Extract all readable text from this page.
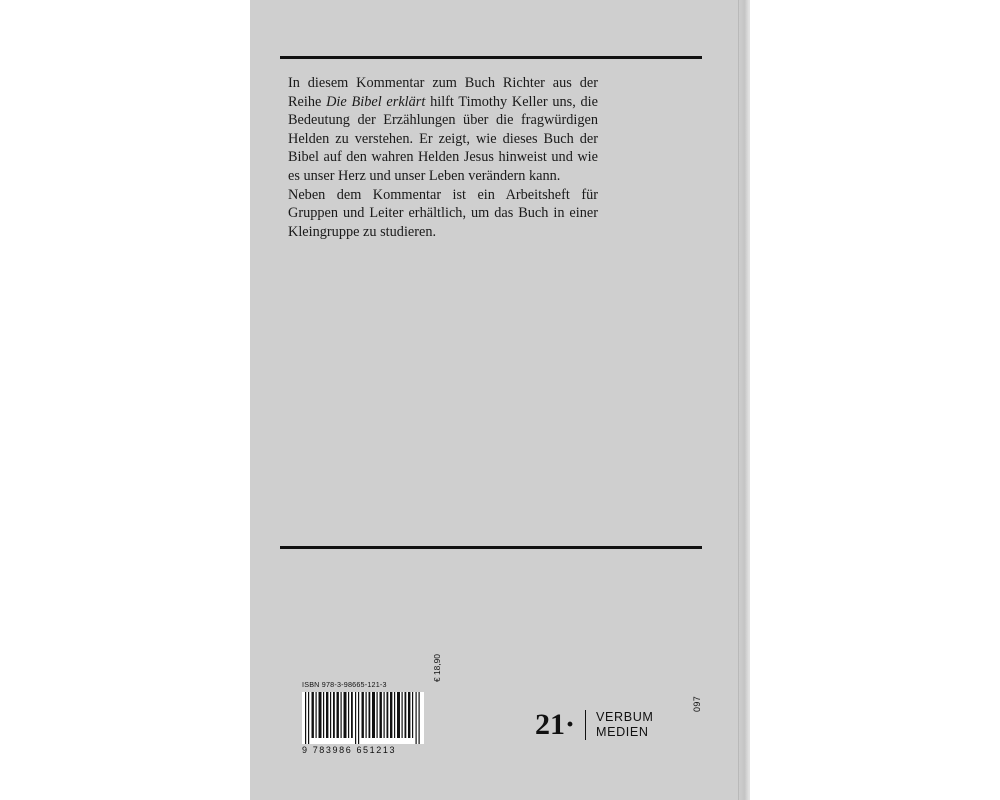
In diesem Kommentar zum Buch Richter aus der Reihe Die Bibel erklärt hilft Timothy Keller uns, die Bedeutung der Erzählungen über die fragwürdigen Helden zu verstehen. Er zeigt, wie dieses Buch der Bibel auf den wahren Helden Jesus hinweist und wie es unser Herz und unser Leben verändern kann.

Neben dem Kommentar ist ein Arbeitsheft für Gruppen und Leiter erhältlich, um das Buch in einer Kleingruppe zu studieren.

ISBN 978-3-98665-121-3
9 783986 651213
€ 18,90
21·	VERBUM
MEDIEN
097
